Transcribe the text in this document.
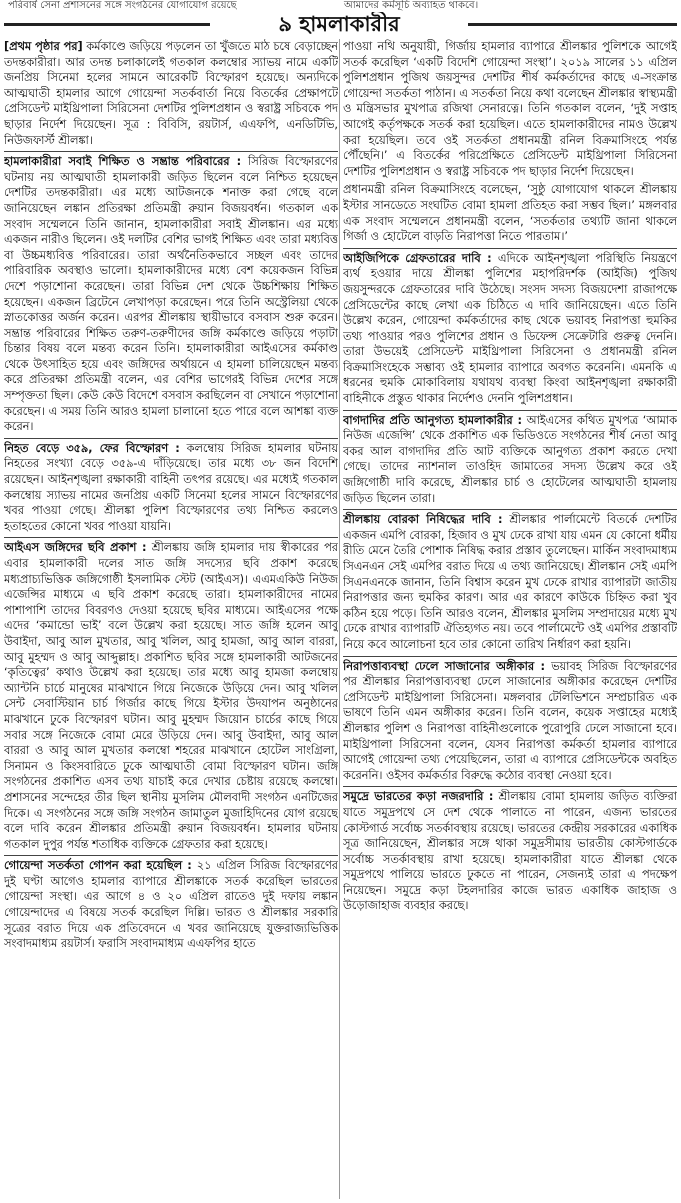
পরিবার্ষ সেনা প্রশাসনের সঙ্গে সংগঠনের যোগাযোগ রয়েছে	আমাদের কর্মসূচি অব্যাহত থাকবে।
৯ হামলাকারীর

[প্রথম পৃষ্ঠার পর] কর্মকাণ্ডে জড়িয়ে পড়লেন তা খুঁজতে মাঠ চষে বেড়াচ্ছেন তদন্তকারীরা। আর তদন্ত চলাকালেই গতকাল কলম্বোর স্যাভয় নামে একটি জনপ্রিয় সিনেমা হলের সামনে আরেকটি বিস্ফোরণ হয়েছে। অন্যদিকে আত্মঘাতী হামলার আগে গোয়েন্দা সতর্কবার্তা নিয়ে বিতর্কের প্রেক্ষাপটে প্রেসিডেন্ট মাইথ্রিপালা সিরিসেনা দেশটির পুলিশপ্রধান ও স্বরাষ্ট্র সচিবকে পদ ছাড়ার নির্দেশ দিয়েছেন। সূত্র : বিবিসি, রয়টার্স, এএফপি, এনডিটিভি, নিউজফার্স্ট শ্রীলঙ্কা।

হামলাকারীরা সবাই শিক্ষিত ও সম্ভ্রান্ত পরিবারের : সিরিজ বিস্ফোরণের ঘটনায় নয় আত্মঘাতী হামলাকারী জড়িত ছিলেন বলে নিশ্চিত হয়েছেন দেশটির তদন্তকারীরা। এর মধ্যে আটজনকে শনাক্ত করা গেছে বলে জানিয়েছেন লঙ্কান প্রতিরক্ষা প্রতিমন্ত্রী রুয়ান বিজয়বর্ধন। গতকাল এক সংবাদ সম্মেলনে তিনি জানান, হামলাকারীরা সবাই শ্রীলঙ্কান। এর মধ্যে একজন নারীও ছিলেন। ওই দলটির বেশির ভাগই শিক্ষিত এবং তারা মধ্যবিত্ত বা উচ্চমধ্যবিত্ত পরিবারের। তারা অর্থনৈতিকভাবে সচ্ছল এবং তাদের পারিবারিক অবস্থাও ভালো। হামলাকারীদের মধ্যে বেশ কয়েকজন বিভিন্ন দেশে পড়াশোনা করেছেন। তারা বিভিন্ন দেশ থেকে উচ্চশিক্ষায় শিক্ষিত হয়েছেন। একজন ব্রিটেনে লেখাপড়া করেছেন। পরে তিনি অস্ট্রেলিয়া থেকে স্নাতকোত্তর অর্জন করেন। এরপর শ্রীলঙ্কায় স্থায়ীভাবে বসবাস শুরু করেন। সম্ভ্রান্ত পরিবারের শিক্ষিত তরুণ-তরুণীদের জঙ্গি কর্মকাণ্ডে জড়িয়ে পড়াটা চিন্তার বিষয় বলে মন্তব্য করেন তিনি। হামলাকারীরা আইএসের কর্মকাণ্ড থেকে উৎসাহিত হয়ে এবং জঙ্গিদের অর্থায়নে এ হামলা চালিয়েছেন মন্তব্য করে প্রতিরক্ষা প্রতিমন্ত্রী বলেন, এর বেশির ভাগেরই বিভিন্ন দেশের সঙ্গে সম্পৃক্ততা ছিল। কেউ কেউ বিদেশে বসবাস করছিলেন বা সেখানে পড়াশোনা করেছেন। এ সময় তিনি আরও হামলা চালানো হতে পারে বলে আশঙ্কা ব্যক্ত করেন।

নিহত বেড়ে ৩৫৯, ফের বিস্ফোরণ : কলম্বোয় সিরিজ হামলার ঘটনায় নিহতের সংখ্যা বেড়ে ৩৫৯-এ দাঁড়িয়েছে। তার মধ্যে ৩৮ জন বিদেশি রয়েছেন। আইনশৃঙ্খলা রক্ষাকারী বাহিনী তৎপর রয়েছে। এর মধ্যেই গতকাল কলম্বোয় স্যাভয় নামের জনপ্রিয় একটি সিনেমা হলের সামনে বিস্ফোরণের খবর পাওয়া গেছে। শ্রীলঙ্কা পুলিশ বিস্ফোরণের তথ্য নিশ্চিত করলেও হতাহতের কোনো খবর পাওয়া যায়নি।

আইএস জঙ্গিদের ছবি প্রকাশ : শ্রীলঙ্কায় জঙ্গি হামলার দায় স্বীকারের পর এবার হামলাকারী দলের সাত জঙ্গি সদস্যের ছবি প্রকাশ করেছে মধ্যপ্রাচ্যভিত্তিক জঙ্গিগোষ্ঠী ইসলামিক স্টেট (আইএস)। এএমএকিউ নিউজ এজেন্সির মাধ্যমে এ ছবি প্রকাশ করেছে তারা। হামলাকারীদের নামের পাশাপাশি তাদের বিবরণও দেওয়া হয়েছে ছবির মাধ্যমে। আইএসের পক্ষে এদের ‘কমান্ডো ভাই’ বলে উল্লেখ করা হয়েছে। সাত জঙ্গি হলেন আবু উবাইদা, আবু আল মুখতার, আবু খলিল, আবু হামজা, আবু আল বাররা, আবু মুহম্মদ ও আবু আব্দুল্লাহ। প্রকাশিত ছবির সঙ্গে হামলাকারী আটজনের ‘কৃতিত্বের’ কথাও উল্লেখ করা হয়েছে। তার মধ্যে আবু হামজা কলম্বোয় অ্যান্টনি চার্চে মানুষের মাঝখানে গিয়ে নিজেকে উড়িয়ে দেন। আবু খলিল সেন্ট সেবাস্টিয়ান চার্চ গির্জার কাছে গিয়ে ইস্টার উদযাপন অনুষ্ঠানের মাঝখানে ঢুকে বিস্ফোরণ ঘটান। আবু মুহম্মদ জিয়োন চার্চের কাছে গিয়ে সবার সঙ্গে নিজেকে বোমা মেরে উড়িয়ে দেন। আবু উবাইদা, আবু আল বাররা ও আবু আল মুখতার কলম্বো শহরের মাঝখানে হোটেল সাংগ্রিলা, সিনামন ও কিংসবারিতে ঢুকে আত্মঘাতী বোমা বিস্ফোরণ ঘটান। জঙ্গি সংগঠনের প্রকাশিত এসব তথ্য যাচাই করে দেখার চেষ্টায় রয়েছে কলম্বো। প্রশাসনের সন্দেহের তীর ছিল স্থানীয় মুসলিম মৌলবাদী সংগঠন এনটিজের দিকে। এ সংগঠনের সঙ্গে জঙ্গি সংগঠন জামাতুল মুজাহিদিনের যোগ রয়েছে বলে দাবি করেন শ্রীলঙ্কার প্রতিমন্ত্রী রুয়ান বিজয়বর্ধন। হামলার ঘটনায় গতকাল দুপুর পর্যন্ত শতাধিক ব্যক্তিকে গ্রেফতার করা হয়েছে।

গোয়েন্দা সতর্কতা গোপন করা হয়েছিল : ২১ এপ্রিল সিরিজ বিস্ফোরণের দুই ঘণ্টা আগেও হামলার ব্যাপারে শ্রীলঙ্কাকে সতর্ক করেছিল ভারতের গোয়েন্দা সংস্থা। এর আগে ৪ ও ২০ এপ্রিল রাতেও দুই দফায় লঙ্কান গোয়েন্দাদের এ বিষয়ে সতর্ক করেছিল দিল্লি। ভারত ও শ্রীলঙ্কার সরকারি সূত্রের বরাত দিয়ে এক প্রতিবেদনে এ খবর জানিয়েছে যুক্তরাজ্যভিত্তিক সংবাদমাধ্যম রয়টার্স। ফরাসি সংবাদমাধ্যম এএফপির হাতে

পাওয়া নথি অনুযায়ী, গির্জায় হামলার ব্যাপারে শ্রীলঙ্কার পুলিশকে আগেই সতর্ক করেছিল ‘একটি বিদেশি গোয়েন্দা সংস্থা’। ২০১৯ সালের ১১ এপ্রিল পুলিশপ্রধান পুজিথ জয়সুন্দর দেশটির শীর্ষ কর্মকর্তাদের কাছে এ-সংক্রান্ত গোয়েন্দা সতর্কতা পাঠান। এ সতর্কতা নিয়ে কথা বলেছেন শ্রীলঙ্কার স্বাস্থ্যমন্ত্রী ও মন্ত্রিসভার মুখপাত্র রজিথা সেনারত্নে। তিনি গতকাল বলেন, ‘দুই সপ্তাহ আগেই কর্তৃপক্ষকে সতর্ক করা হয়েছিল। এতে হামলাকারীদের নামও উল্লেখ করা হয়েছিল। তবে ওই সতর্কতা প্রধানমন্ত্রী রনিল বিক্রমাসিংহে পর্যন্ত পৌঁছেনি।’ এ বিতর্কের পরিপ্রেক্ষিতে প্রেসিডেন্ট মাইথ্রিপালা সিরিসেনা দেশটির পুলিশপ্রধান ও স্বরাষ্ট্র সচিবকে পদ ছাড়ার নির্দেশ দিয়েছেন।

প্রধানমন্ত্রী রনিল বিক্রমাসিংহে বলেছেন, ‘সুষ্ঠু যোগাযোগ থাকলে শ্রীলঙ্কায় ইস্টার সানডেতে সংঘটিত বোমা হামলা প্রতিহত করা সম্ভব ছিল।’ মঙ্গলবার এক সংবাদ সম্মেলনে প্রধানমন্ত্রী বলেন, ‘সতর্কতার তথ্যটি জানা থাকলে গির্জা ও হোটেলে বাড়তি নিরাপত্তা নিতে পারতাম।’

আইজিপিকে গ্রেফতারের দাবি : এদিকে আইনশৃঙ্খলা পরিস্থিতি নিয়ন্ত্রণে ব্যর্থ হওয়ার দায়ে শ্রীলঙ্কা পুলিশের মহাপরিদর্শক (আইজি) পুজিথ জয়সুন্দরকে গ্রেফতারের দাবি উঠেছে। সংসদ সদস্য বিজয়দেশা রাজাপক্ষে প্রেসিডেন্টের কাছে লেখা এক চিঠিতে এ দাবি জানিয়েছেন। এতে তিনি উল্লেখ করেন, গোয়েন্দা কর্মকর্তাদের কাছ থেকে ভয়াবহ নিরাপত্তা হুমকির তথ্য পাওয়ার পরও পুলিশের প্রধান ও ডিফেন্স সেক্রেটারি গুরুত্ব দেননি। তারা উভয়েই প্রেসিডেন্ট মাইথ্রিপালা সিরিসেনা ও প্রধানমন্ত্রী রনিল বিক্রমাসিংহেকে সম্ভাব্য ওই হামলার ব্যাপারে অবগত করেননি। এমনকি এ ধরনের হুমকি মোকাবিলায় যথাযথ ব্যবস্থা কিংবা আইনশৃঙ্খলা রক্ষাকারী বাহিনীকে প্রস্তুত থাকার নির্দেশও দেননি পুলিশপ্রধান।

বাগদাদির প্রতি আনুগত্য হামলাকারীর : আইএসের কথিত মুখপত্র ‘আমাক নিউজ এজেন্সি’ থেকে প্রকাশিত এক ভিডিওতে সংগঠনের শীর্ষ নেতা আবু বকর আল বাগদাদির প্রতি আট ব্যক্তিকে আনুগত্য প্রকাশ করতে দেখা গেছে। তাদের ন্যাশনাল তাওহিদ জামাতের সদস্য উল্লেখ করে ওই জঙ্গিগোষ্ঠী দাবি করেছে, শ্রীলঙ্কার চার্চ ও হোটেলের আত্মঘাতী হামলায় জড়িত ছিলেন তারা।

শ্রীলঙ্কায় বোরকা নিষিদ্ধের দাবি : শ্রীলঙ্কার পার্লামেন্টে বিতর্কে দেশটির একজন এমপি বোরকা, হিজাব ও মুখ ঢেকে রাখা যায় এমন যে কোনো ধর্মীয় রীতি মেনে তৈরি পোশাক নিষিদ্ধ করার প্রস্তাব তুলেছেন। মার্কিন সংবাদমাধ্যম সিএনএন সেই এমপির বরাত দিয়ে এ তথ্য জানিয়েছে। শ্রীলঙ্কান সেই এমপি সিএনএনকে জানান, তিনি বিশ্বাস করেন মুখ ঢেকে রাখার ব্যাপারটা জাতীয় নিরাপত্তার জন্য হুমকির কারণ। আর এর কারণে কাউকে চিহ্নিত করা খুব কঠিন হয়ে পড়ে। তিনি আরও বলেন, শ্রীলঙ্কার মুসলিম সম্প্রদায়ের মধ্যে মুখ ঢেকে রাখার ব্যাপারটি ঐতিহ্যগত নয়। তবে পার্লামেন্টে ওই এমপির প্রস্তাবটি নিয়ে কবে আলোচনা হবে তার কোনো তারিখ নির্ধারণ করা হয়নি।

নিরাপত্তাব্যবস্থা ঢেলে সাজানোর অঙ্গীকার : ভয়াবহ সিরিজ বিস্ফোরণের পর শ্রীলঙ্কার নিরাপত্তাব্যবস্থা ঢেলে সাজানোর অঙ্গীকার করেছেন দেশটির প্রেসিডেন্ট মাইথ্রিপালা সিরিসেনা। মঙ্গলবার টেলিভিশনে সম্প্রচারিত এক ভাষণে তিনি এমন অঙ্গীকার করেন। তিনি বলেন, কয়েক সপ্তাহের মধ্যেই শ্রীলঙ্কার পুলিশ ও নিরাপত্তা বাহিনীগুলোকে পুরোপুরি ঢেলে সাজানো হবে। মাইথ্রিপালা সিরিসেনা বলেন, যেসব নিরাপত্তা কর্মকর্তা হামলার ব্যাপারে আগেই গোয়েন্দা তথ্য পেয়েছিলেন, তারা এ ব্যাপারে প্রেসিডেন্টকে অবহিত করেননি। ওইসব কর্মকর্তার বিরুদ্ধে কঠোর ব্যবস্থা নেওয়া হবে।

সমুদ্রে ভারতের কড়া নজরদারি : শ্রীলঙ্কায় বোমা হামলায় জড়িত ব্যক্তিরা যাতে সমুদ্রপথে সে দেশ থেকে পালাতে না পারেন, এজন্য ভারতের কোস্টগার্ড সর্বোচ্চ সতর্কাবস্থায় রয়েছে। ভারতের কেন্দ্রীয় সরকারের একাধিক সূত্র জানিয়েছেন, শ্রীলঙ্কার সঙ্গে থাকা সমুদ্রসীমায় ভারতীয় কোস্টগার্ডকে সর্বোচ্চ সতর্কাবস্থায় রাখা হয়েছে। হামলাকারীরা যাতে শ্রীলঙ্কা থেকে সমুদ্রপথে পালিয়ে ভারতে ঢুকতে না পারেন, সেজন্যই তারা এ পদক্ষেপ নিয়েছেন। সমুদ্রে কড়া টহলদারির কাজে ভারত একাধিক জাহাজ ও উড়োজাহাজ ব্যবহার করছে।
